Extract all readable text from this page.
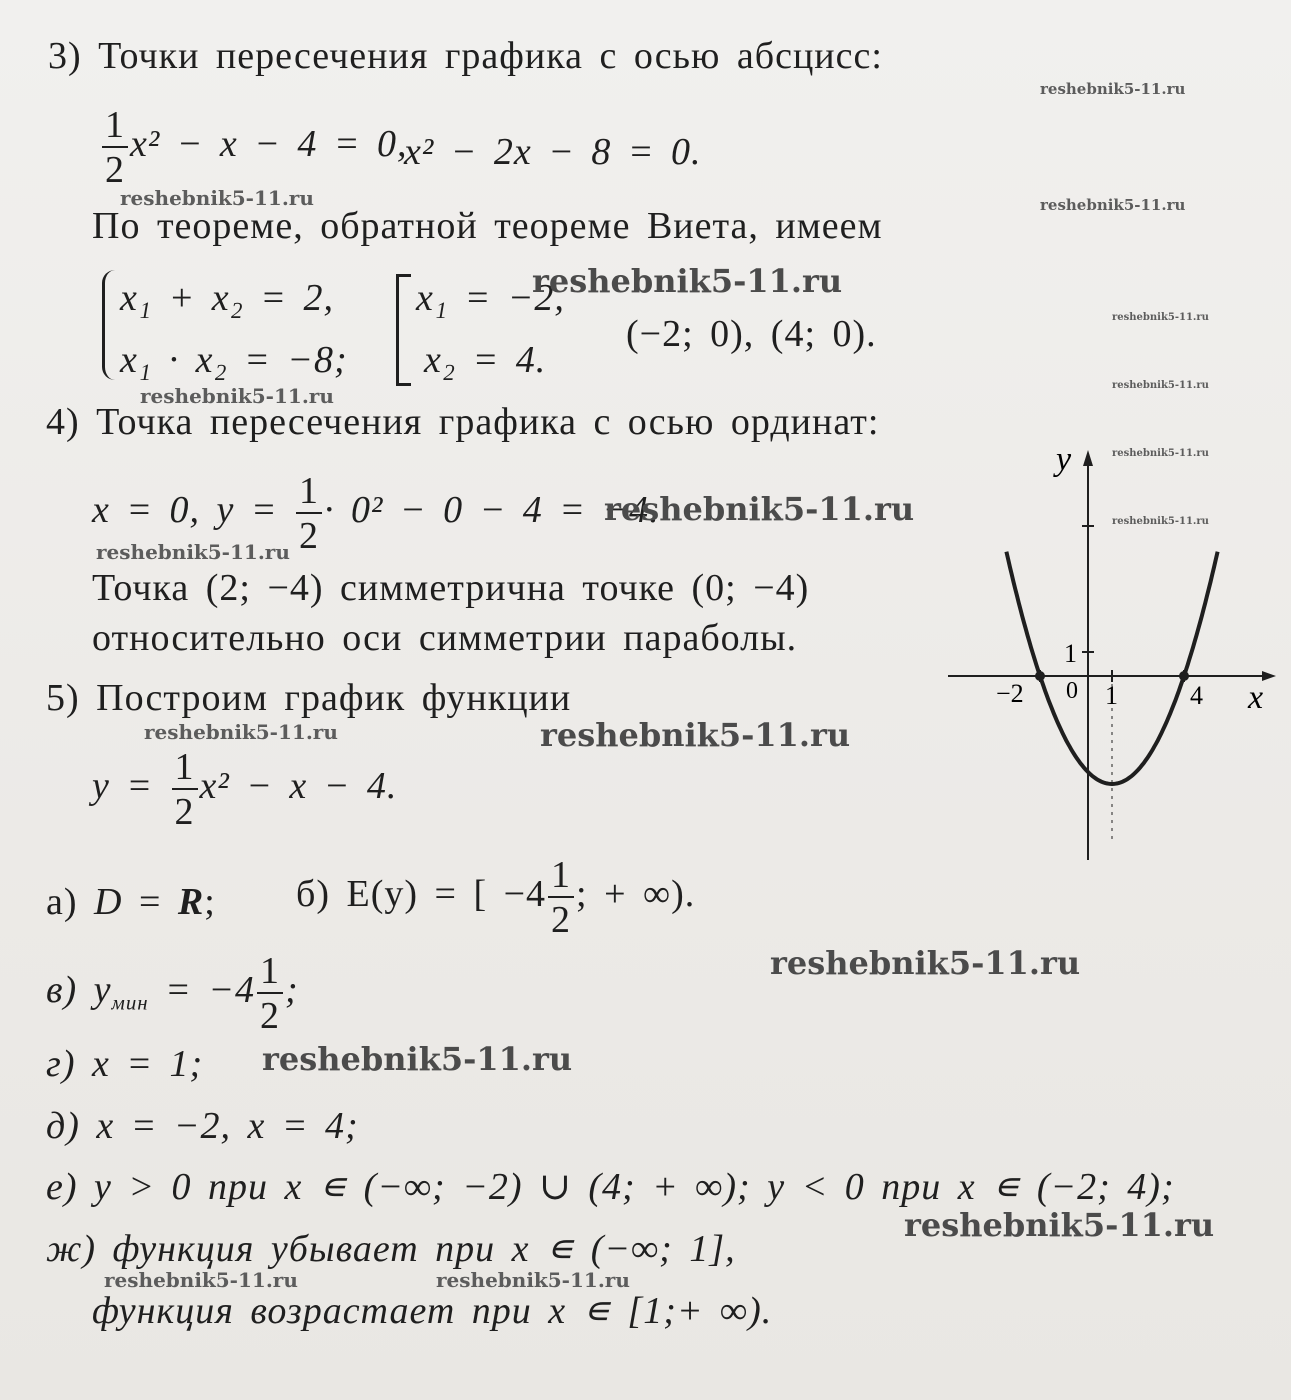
3) Точки пересечения графика с осью абсцисс:
$\frac{1}{2} x^2 - x - 4 = 0$,
x² − 2x − 8 = 0.
По теореме, обратной теореме Виета, имеем
x₁ + x₂ = 2,
x₁ · x₂ = −8;
x₁ = −2,
x₂ = 4.
(−2; 0), (4; 0).
4) Точка пересечения графика с осью ординат:
x = 0, $y = \frac{1}{2} \cdot 0^2 - 0 - 4 = -4$.
Точка (2; −4) симметрична точке (0; −4)
относительно оси симметрии параболы.
5) Построим график функции
$y = \frac{1}{2} x^2 - x - 4$.
а) D = R; б) E(y) = [ $-4 \frac{1}{2}$ ; + ∞).
в) $y_{мин} = -4 \frac{1}{2}$ ;
г) x = 1;
д) x = −2, x = 4;
е) y > 0 при x ∊ (−∞; −2) ∪ (4; + ∞); y < 0 при x ∊ (−2; 4);
ж) функция убывает при x ∊ (−∞; 1],
функция возрастает при x ∊ [1;+ ∞).
y
x
0
−2	1	4
1
reshebnik5-11.ru
reshebnik5-11.ru
reshebnik5-11.ru
reshebnik5-11.ru
reshebnik5-11.ru
reshebnik5-11.ru
reshebnik5-11.ru
reshebnik5-11.ru
reshebnik5-11.ru	reshebnik5-11.ru
reshebnik5-11.ru
reshebnik5-11.ru	reshebnik5-11.ru
reshebnik5-11.ru
reshebnik5-11.ru
reshebnik5-11.ru
reshebnik5-11.ru	reshebnik5-11.ru
